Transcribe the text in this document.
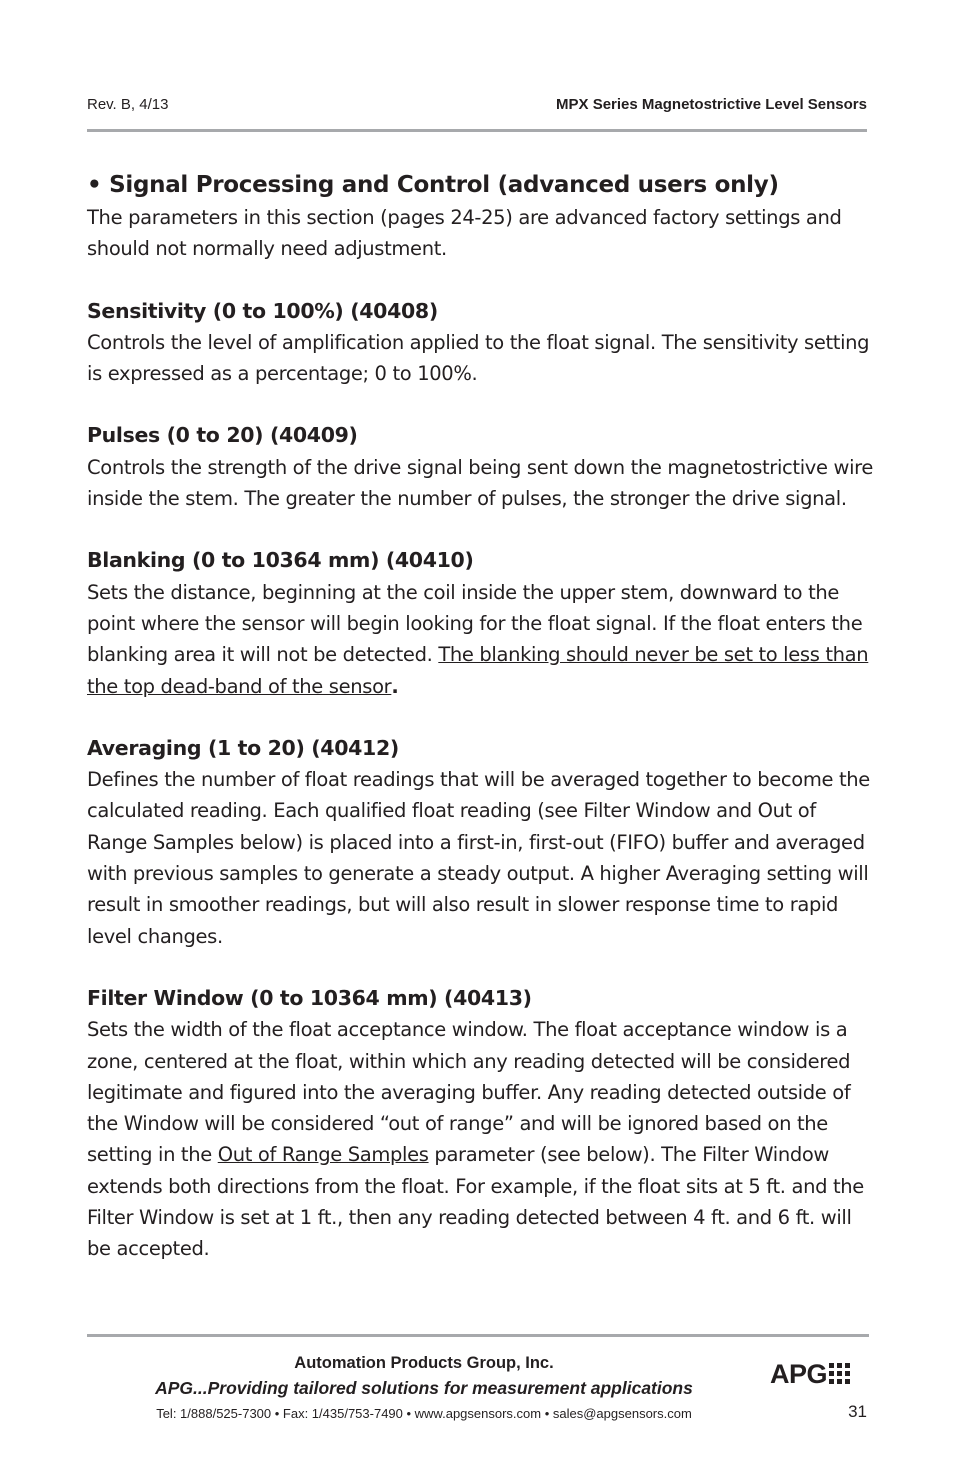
Rev. B, 4/13	MPX Series Magnetostrictive Level Sensors
• Signal Processing and Control (advanced users only)

The parameters in this section (pages 24-25) are advanced factory settings and should not normally need adjustment.

Sensitivity (0 to 100%) (40408)

Controls the level of amplification applied to the float signal. The sensitivity setting is expressed as a percentage; 0 to 100%.

Pulses (0 to 20) (40409)

Controls the strength of the drive signal being sent down the magnetostrictive wire inside the stem. The greater the number of pulses, the stronger the drive signal.

Blanking (0 to 10364 mm) (40410)

Sets the distance, beginning at the coil inside the upper stem, downward to the point where the sensor will begin looking for the float signal. If the float enters the blanking area it will not be detected. The blanking should never be set to less than the top dead-band of the sensor.

Averaging (1 to 20) (40412)

Defines the number of float readings that will be averaged together to become the calculated reading. Each qualified float reading (see Filter Window and Out of Range Samples below) is placed into a first-in, first-out (FIFO) buffer and averaged with previous samples to generate a steady output. A higher Averaging setting will result in smoother readings, but will also result in slower response time to rapid level changes.

Filter Window (0 to 10364 mm) (40413)

Sets the width of the float acceptance window. The float acceptance window is a zone, centered at the float, within which any reading detected will be considered legitimate and figured into the averaging buffer. Any reading detected outside of the Window will be considered “out of range” and will be ignored based on the setting in the Out of Range Samples parameter (see below). The Filter Window extends both directions from the float. For example, if the float sits at 5 ft. and the Filter Window is set at 1 ft., then any reading detected between 4 ft. and 6 ft. will be accepted.

Automation Products Group, Inc.
APG...Providing tailored solutions for measurement applications
Tel: 1/888/525-7300 • Fax: 1/435/753-7490 • www.apgsensors.com • sales@apgsensors.com
APG
31
